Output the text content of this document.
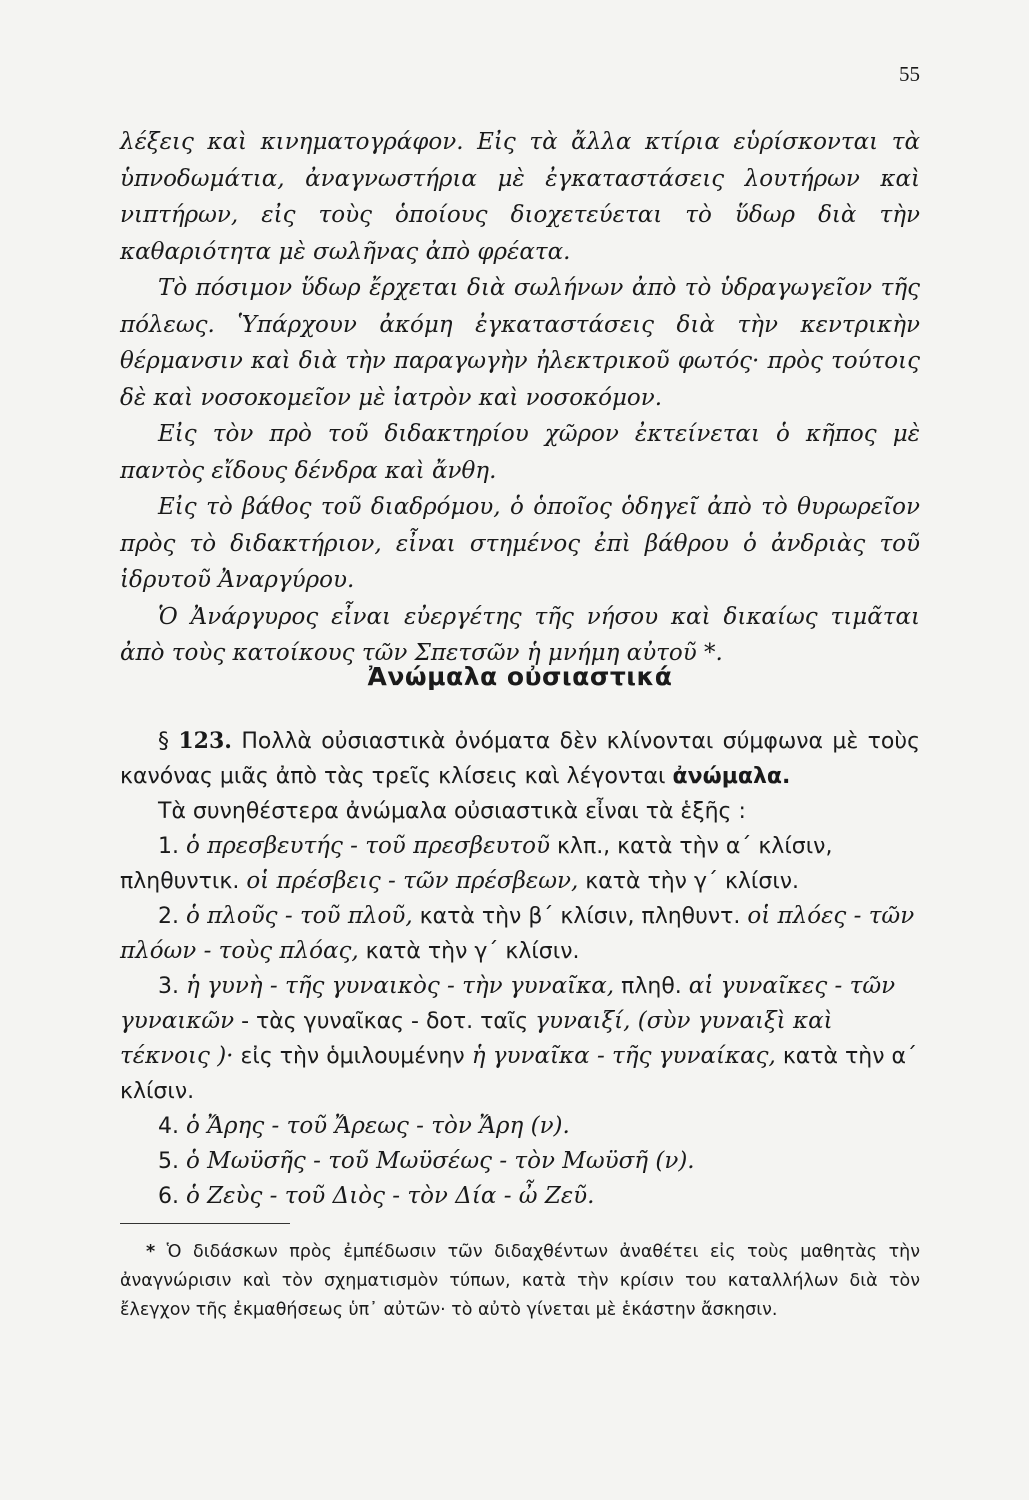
55

λέξεις καὶ κινηματογράφον. Εἰς τὰ ἄλλα κτίρια εὑρίσκονται τὰ ὑπνοδωμάτια, ἀναγνωστήρια μὲ ἐγκαταστάσεις λουτήρων καὶ νιπτήρων, εἰς τοὺς ὁποίους διοχετεύεται τὸ ὕδωρ διὰ τὴν καθαριότητα μὲ σωλῆνας ἀπὸ φρέατα.

Τὸ πόσιμον ὕδωρ ἔρχεται διὰ σωλήνων ἀπὸ τὸ ὑδραγωγεῖον τῆς πόλεως. Ὑπάρχουν ἀκόμη ἐγκαταστάσεις διὰ τὴν κεντρικὴν θέρμανσιν καὶ διὰ τὴν παραγωγὴν ἠλεκτρικοῦ φωτός· πρὸς τούτοις δὲ καὶ νοσοκομεῖον μὲ ἰατρὸν καὶ νοσοκόμον.

Εἰς τὸν πρὸ τοῦ διδακτηρίου χῶρον ἐκτείνεται ὁ κῆπος μὲ παντὸς εἴδους δένδρα καὶ ἄνθη.

Εἰς τὸ βάθος τοῦ διαδρόμου, ὁ ὁποῖος ὁδηγεῖ ἀπὸ τὸ θυρωρεῖον πρὸς τὸ διδακτήριον, εἶναι στημένος ἐπὶ βάθρου ὁ ἀνδριὰς τοῦ ἱδρυτοῦ Ἀναργύρου.

Ὁ Ἀνάργυρος εἶναι εὐεργέτης τῆς νήσου καὶ δικαίως τιμᾶται ἀπὸ τοὺς κατοίκους τῶν Σπετσῶν ἡ μνήμη αὐτοῦ *.

Ἀνώμαλα οὐσιαστικά

§ 123. Πολλὰ οὐσιαστικὰ ὀνόματα δὲν κλίνονται σύμφωνα μὲ τοὺς κανόνας μιᾶς ἀπὸ τὰς τρεῖς κλίσεις καὶ λέγονται ἀνώμαλα.

Τὰ συνηθέστερα ἀνώμαλα οὐσιαστικὰ εἶναι τὰ ἑξῆς :

1. ὁ πρεσβευτής - τοῦ πρεσβευτοῦ κλπ., κατὰ τὴν α΄ κλίσιν, πληθυντικ. οἱ πρέσβεις - τῶν πρέσβεων, κατὰ τὴν γ΄ κλίσιν.

2. ὁ πλοῦς - τοῦ πλοῦ, κατὰ τὴν β΄ κλίσιν, πληθυντ. οἱ πλόες - τῶν πλόων - τοὺς πλόας, κατὰ τὴν γ΄ κλίσιν.

3. ἡ γυνὴ - τῆς γυναικὸς - τὴν γυναῖκα, πληθ. αἱ γυναῖκες - τῶν γυναικῶν - τὰς γυναῖκας - δοτ. ταῖς γυναιξί, (σὺν γυναιξὶ καὶ τέκνοις )· εἰς τὴν ὁμιλουμένην ἡ γυναῖκα - τῆς γυναίκας, κατὰ τὴν α΄ κλίσιν.

4. ὁ Ἄρης - τοῦ Ἄρεως - τὸν Ἄρη (ν).

5. ὁ Μωϋσῆς - τοῦ Μωϋσέως - τὸν Μωϋσῆ (ν).

6. ὁ Ζεὺς - τοῦ Διὸς - τὸν Δία - ὦ Ζεῦ.

* Ὁ διδάσκων πρὸς ἐμπέδωσιν τῶν διδαχθέντων ἀναθέτει εἰς τοὺς μαθητὰς τὴν ἀναγνώρισιν καὶ τὸν σχηματισμὸν τύπων, κατὰ τὴν κρίσιν του καταλλήλων διὰ τὸν ἔλεγχον τῆς ἐκμαθήσεως ὑπ᾽ αὐτῶν· τὸ αὐτὸ γίνεται μὲ ἑκάστην ἄσκησιν.
